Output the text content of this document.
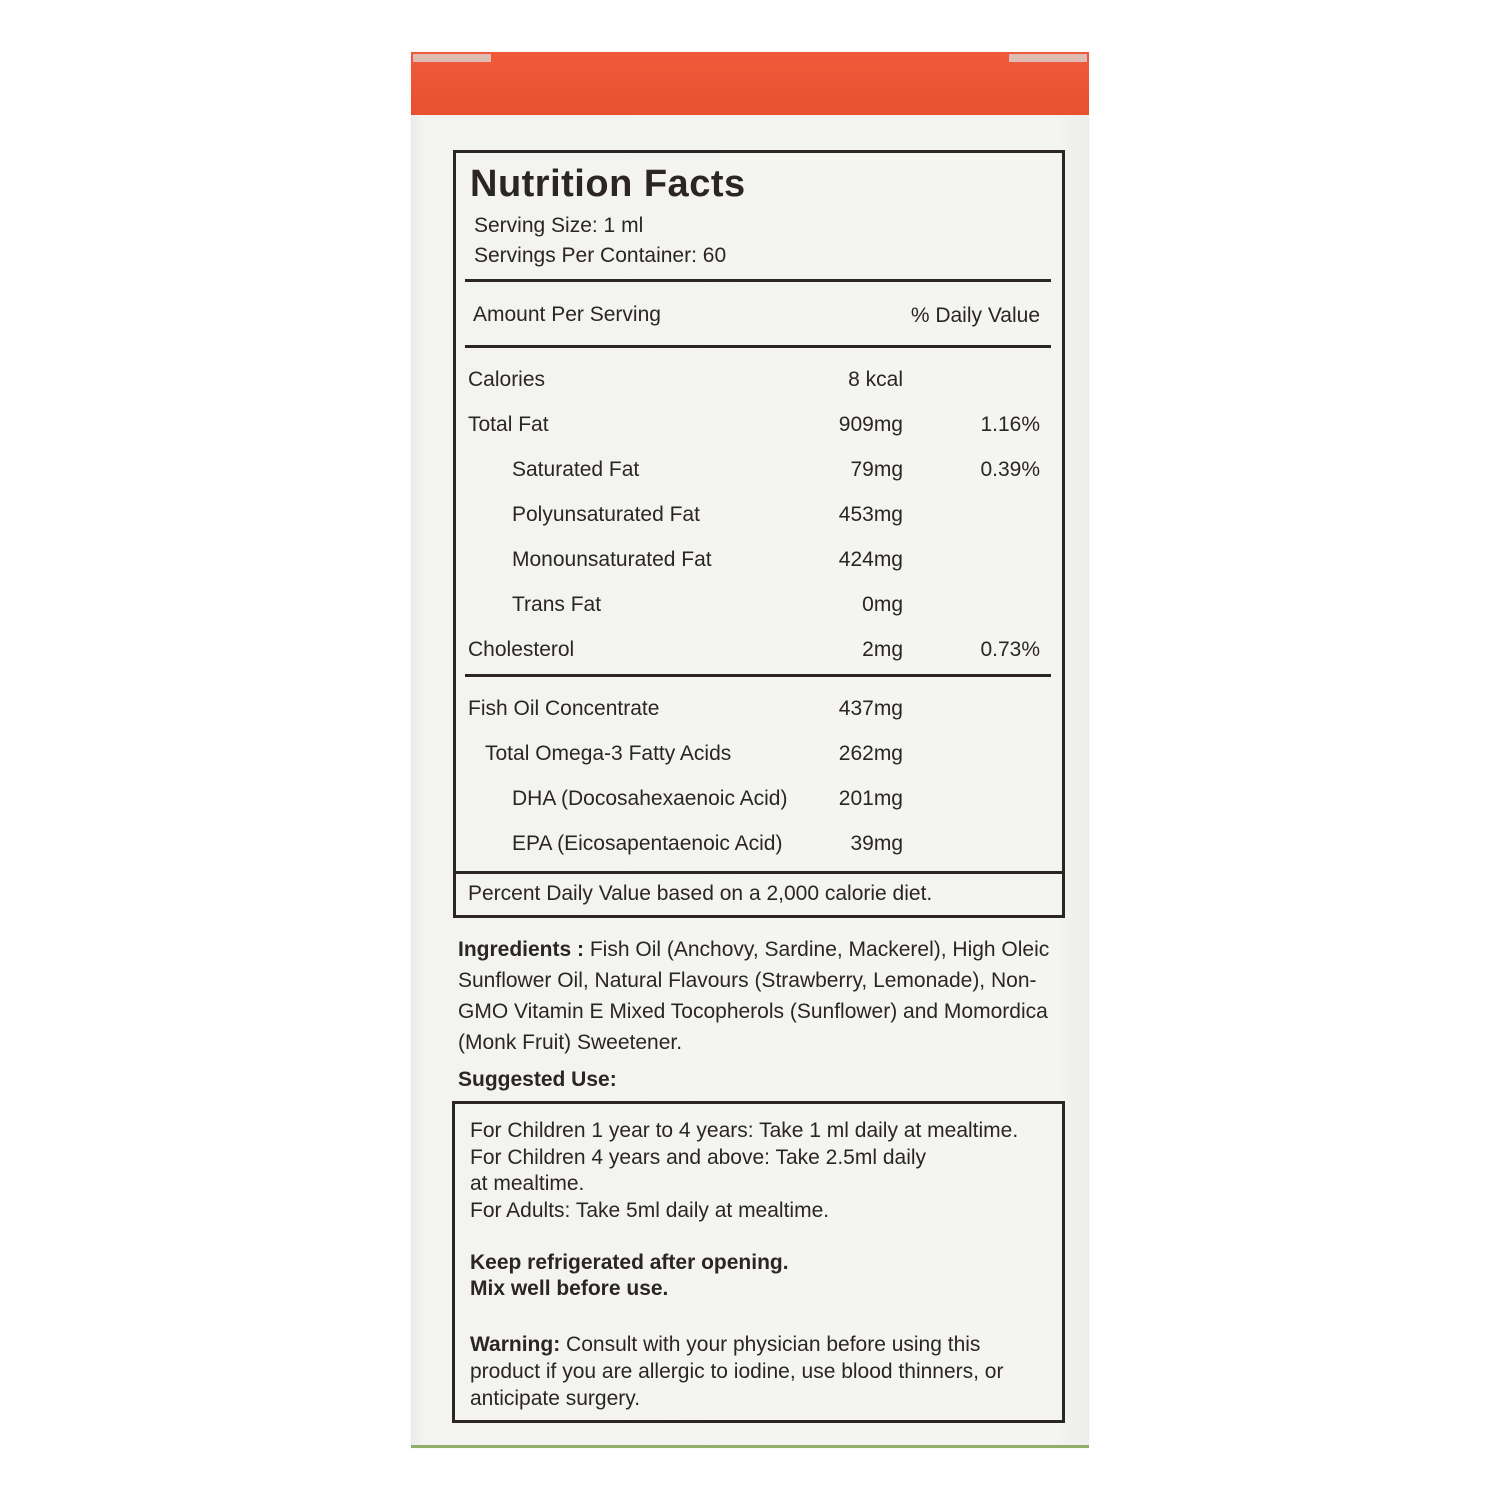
Nutrition Facts
Serving Size: 1 ml
Servings Per Container: 60
Amount Per Serving	% Daily Value
Calories	8 kcal
Total Fat	909mg	1.16%
Saturated Fat	79mg	0.39%
Polyunsaturated Fat	453mg
Monounsaturated Fat	424mg
Trans Fat	0mg
Cholesterol	2mg	0.73%
Fish Oil Concentrate	437mg
Total Omega-3 Fatty Acids	262mg
DHA (Docosahexaenoic Acid) 201mg
EPA (Eicosapentaenoic Acid)	39mg
Percent Daily Value based on a 2,000 calorie diet.
Ingredients : Fish Oil (Anchovy, Sardine, Mackerel), High Oleic Sunflower Oil, Natural Flavours (Strawberry, Lemonade), Non-GMO Vitamin E Mixed Tocopherols (Sunflower) and Momordica (Monk Fruit) Sweetener.
Suggested Use:
For Children 1 year to 4 years: Take 1 ml daily at mealtime.
For Children 4 years and above: Take 2.5ml daily
at mealtime.
For Adults: Take 5ml daily at mealtime.
Keep refrigerated after opening.
Mix well before use.
Warning: Consult with your physician before using this product if you are allergic to iodine, use blood thinners, or anticipate surgery.
